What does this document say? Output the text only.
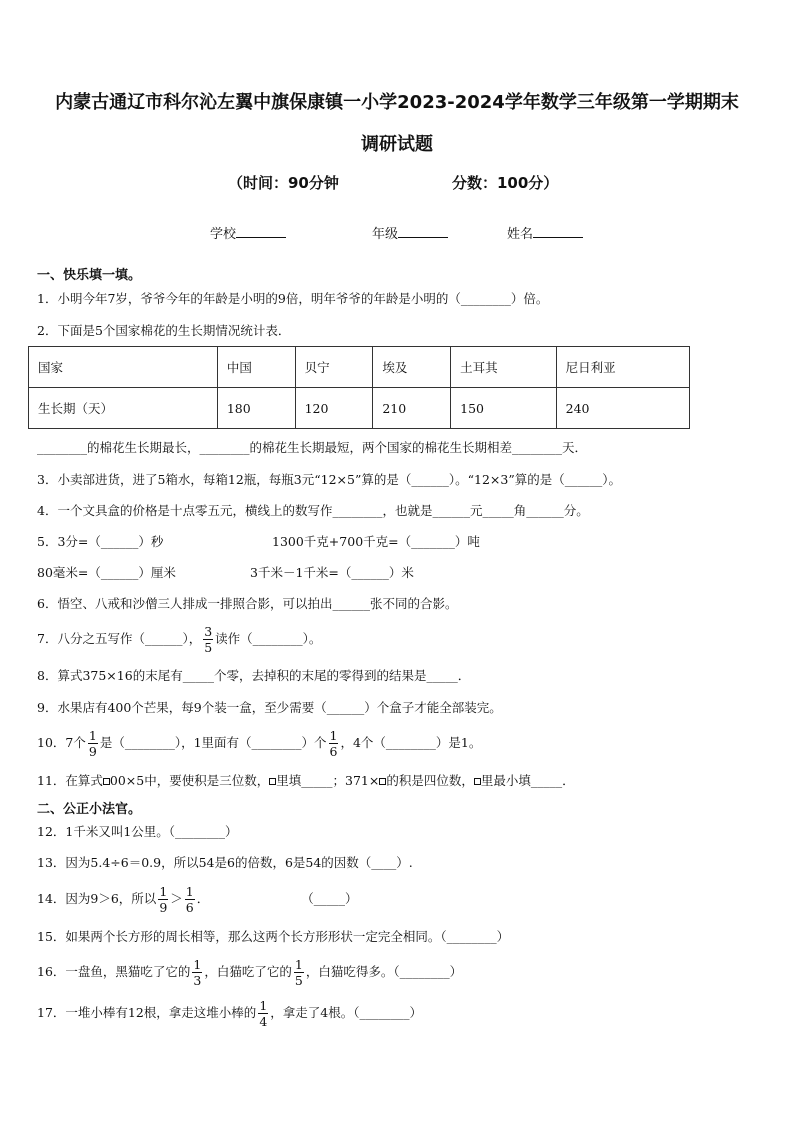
内蒙古通辽市科尔沁左翼中旗保康镇一小学2023-2024学年数学三年级第一学期期末
调研试题
（时间：90分钟	分数：100分）
学校	年级	姓名
一、快乐填一填。
1．小明今年7岁，爷爷今年的年龄是小明的9倍，明年爷爷的年龄是小明的（________）倍。
2．下面是5个国家棉花的生长期情况统计表．
国家	中国	贝宁	埃及	土耳其	尼日利亚
生长期（天）	180	120	210	150	240
________的棉花生长期最长，________的棉花生长期最短，两个国家的棉花生长期相差________天．
3．小卖部进货，进了5箱水，每箱12瓶，每瓶3元“12×5”算的是（______）。“12×3”算的是（______）。
4．一个文具盒的价格是十点零五元，横线上的数写作________，也就是______元_____角______分。
5．3分=（______）秒	1300千克+700千克=（_______）吨
80毫米=（______）厘米	3千米－1千米=（______）米
6．悟空、八戒和沙僧三人排成一排照合影，可以拍出______张不同的合影。
7．八分之五写作（______）， $\frac{3}{5}$ 读作（________）。
8．算式375×16的末尾有_____个零，去掉积的末尾的零得到的结果是_____．
9．水果店有400个芒果，每9个装一盒，至少需要（______）个盒子才能全部装完。
10．7个 $\frac{1}{9}$ 是（________），1里面有（________）个 $\frac{1}{6}$ ，4个（________）是1。
11．在算式 00×5中，要使积是三位数， 里填_____；371× 的积是四位数， 里最小填_____．
二、公正小法官。
12．1千米又叫1公里。（________）
13．因为5.4÷6＝0.9，所以54是6的倍数，6是54的因数（____）.
14．因为9＞6，所以 $\frac{1}{9} > \frac{1}{6}$ ．	（_____）
15．如果两个长方形的周长相等，那么这两个长方形形状一定完全相同。（________）
16．一盘鱼，黑猫吃了它的 $\frac{1}{3}$ ，白猫吃了它的 $\frac{1}{5}$ ，白猫吃得多。（________）
17．一堆小棒有12根，拿走这堆小棒的 $\frac{1}{4}$ ，拿走了4根。（________）
